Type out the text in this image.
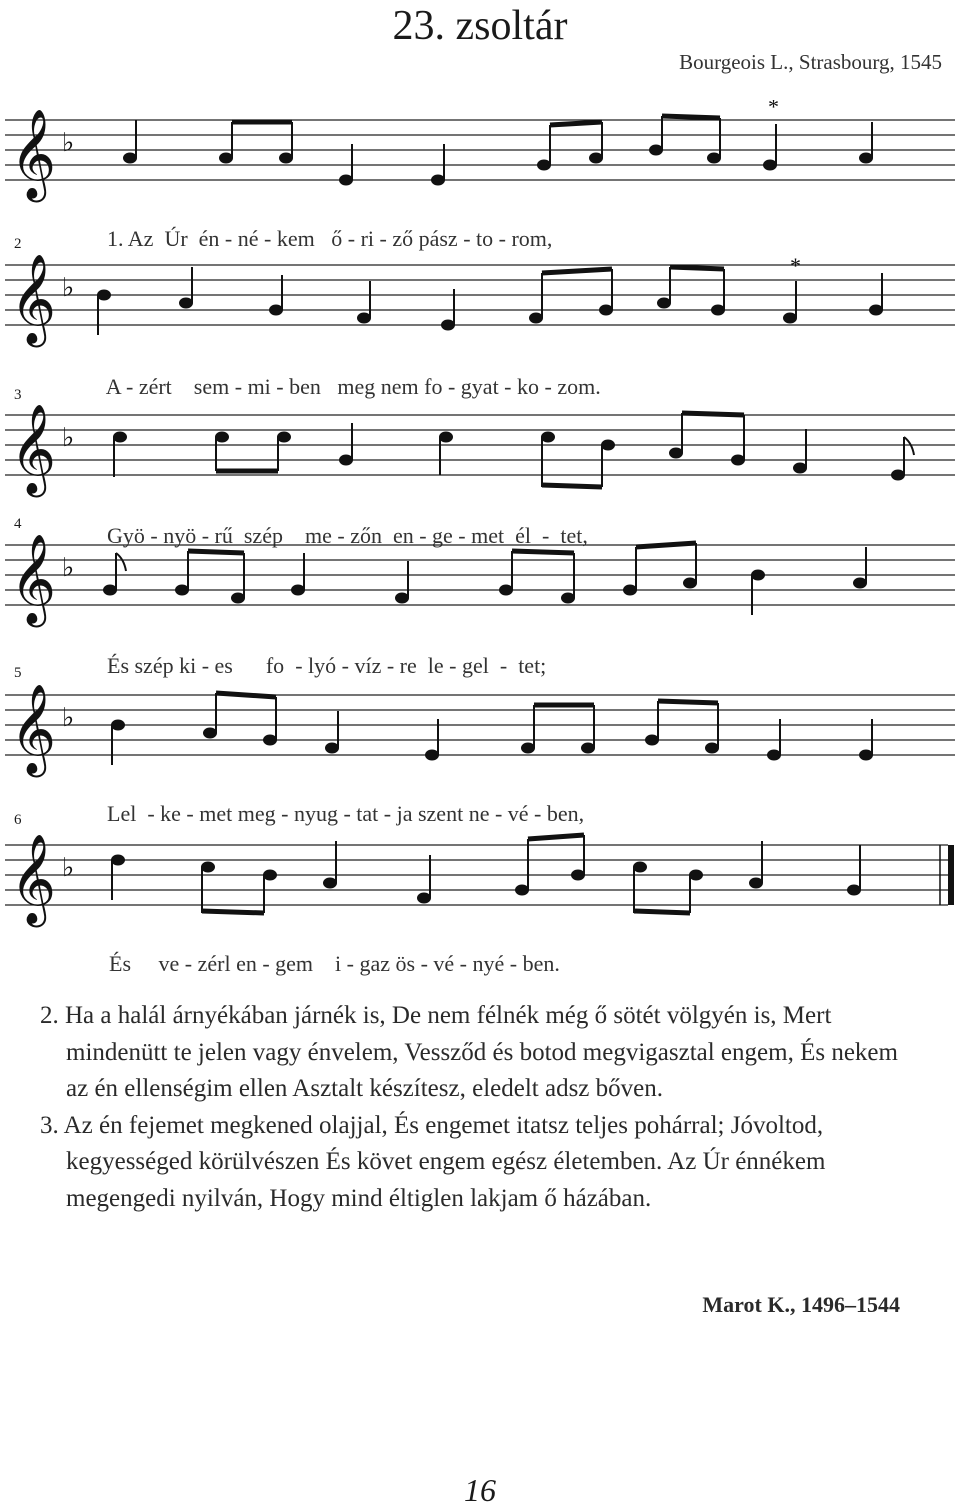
23. zsoltár
Bourgeois L., Strasbourg, 1545
𝄞 ♭
*

1. Az Úr én - né - kem ő - ri - ző pász - to - rom,

2
𝄞 ♭
*

A - zért sem - mi - ben meg nem fo - gyat - ko - zom.

3
𝄞 ♭

Gyö - nyö - rű szép me - zőn en - ge - met él - tet,

4
𝄞 ♭

És szép ki - es fo - lyó - víz - re le - gel - tet;

5
𝄞 ♭

Lel - ke - met meg - nyug - tat - ja szent ne - vé - ben,

6
𝄞 ♭

És ve - zérl en - gem i - gaz ös - vé - nyé - ben.

2. Ha a halál árnyékában járnék is, De nem félnék még ő sötét völgyén is, Mert mindenütt te jelen vagy énvelem, Vessződ és botod megvigasztal engem, És nekem az én ellenségim ellen Asztalt készítesz, eledelt adsz bőven.

3. Az én fejemet megkened olajjal, És engemet itatsz teljes pohárral; Jóvoltod, kegyességed körülvészen És követ engem egész életemben. Az Úr énnékem megengedi nyilván, Hogy mind éltiglen lakjam ő házában.

Marot K., 1496–1544
16
